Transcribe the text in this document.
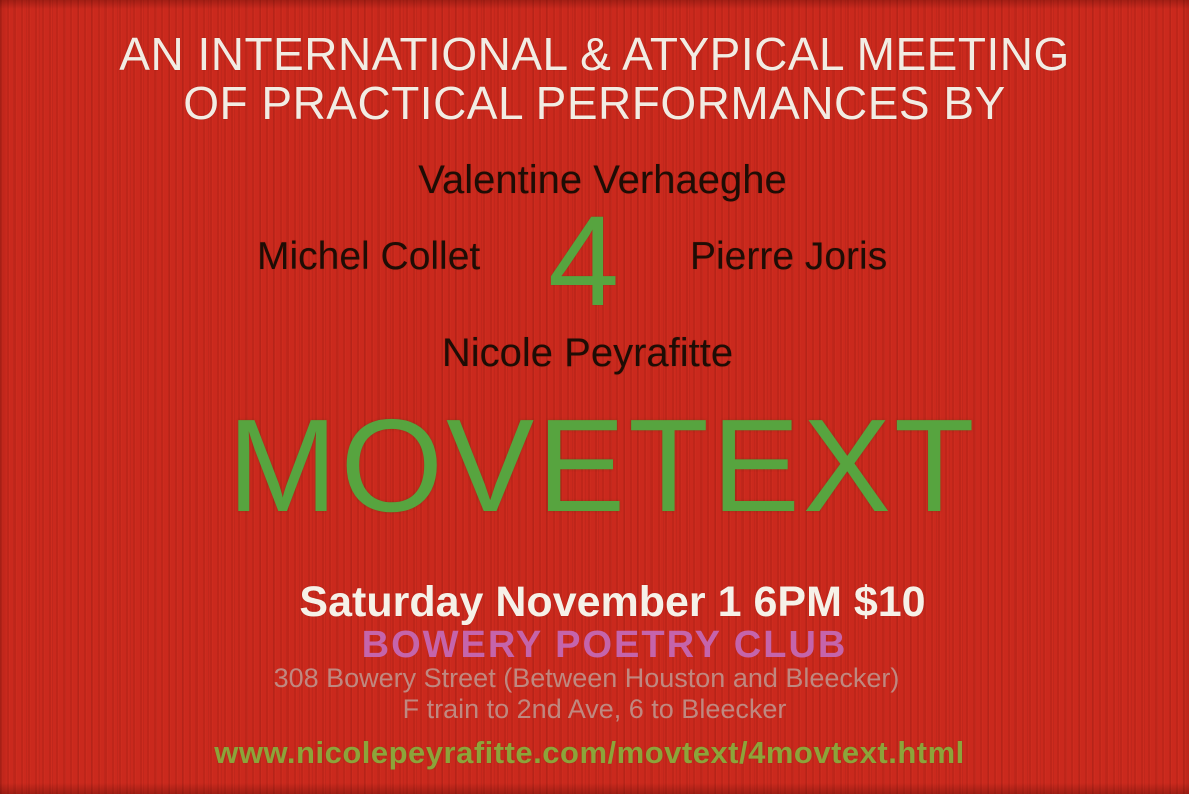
AN INTERNATIONAL & ATYPICAL MEETING
OF PRACTICAL PERFORMANCES BY
Valentine Verhaeghe
Michel Collet 4 Pierre Joris
Nicole Peyrafitte
MOVETEXT
Saturday November 1 6PM $10
BOWERY POETRY CLUB
308 Bowery Street (Between Houston and Bleecker)
F train to 2nd Ave, 6 to Bleecker
www.nicolepeyrafitte.com/movtext/4movtext.html
